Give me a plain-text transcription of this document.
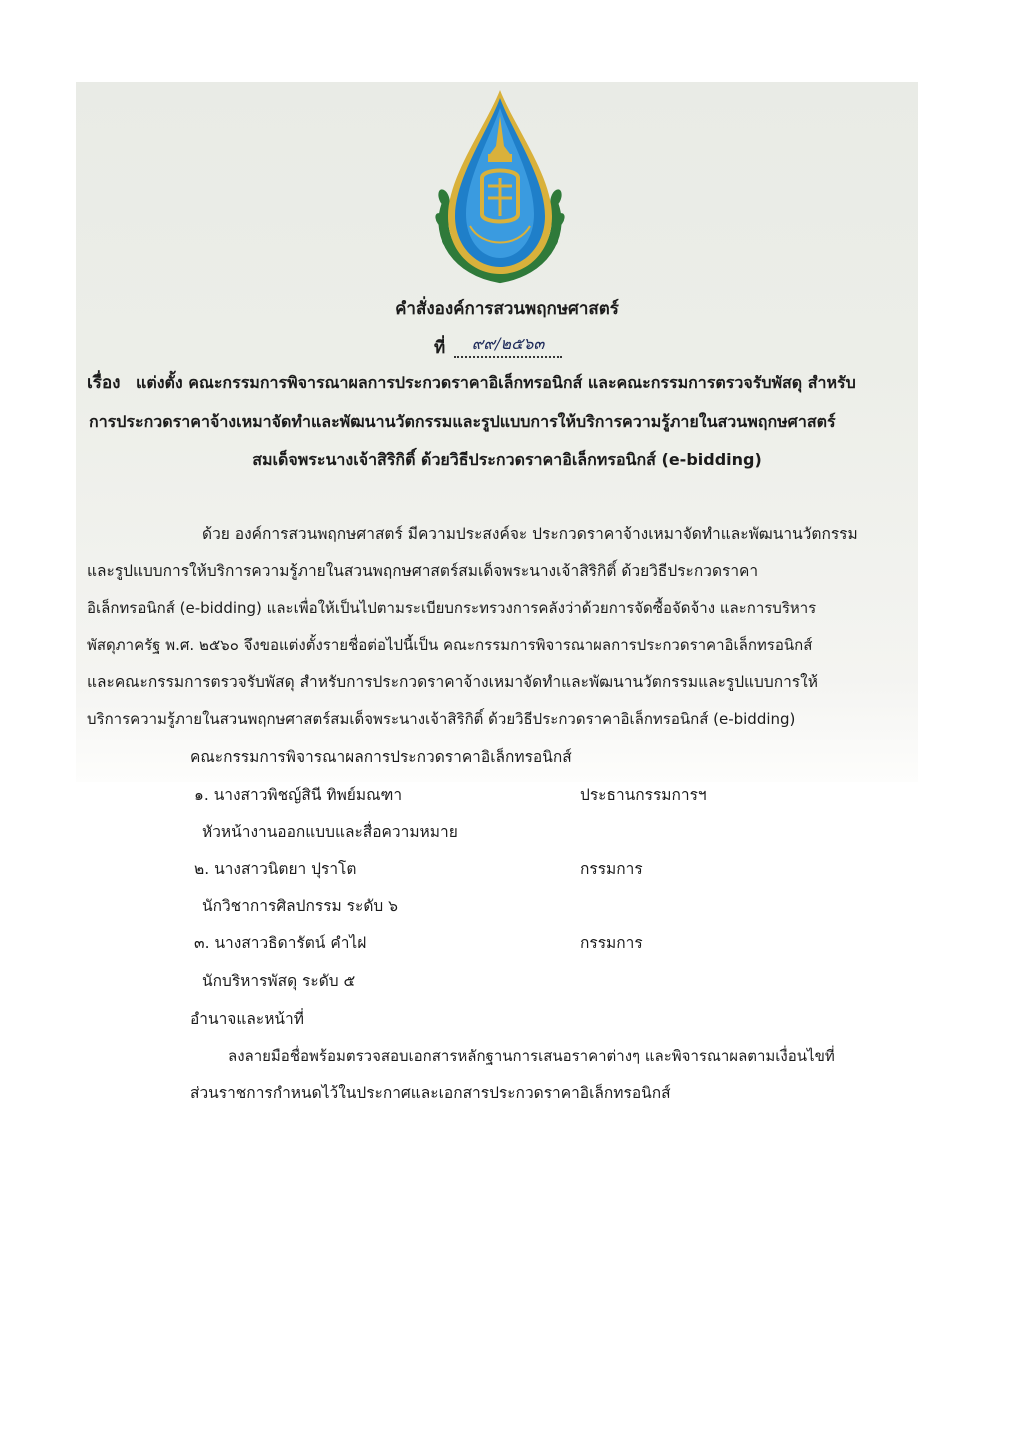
คำสั่งองค์การสวนพฤกษศาสตร์
ที่	๙๙/๒๕๖๓
เรื่อง แต่งตั้ง คณะกรรมการพิจารณาผลการประกวดราคาอิเล็กทรอนิกส์ และคณะกรรมการตรวจรับพัสดุ สำหรับ
การประกวดราคาจ้างเหมาจัดทำและพัฒนานวัตกรรมและรูปแบบการให้บริการความรู้ภายในสวนพฤกษศาสตร์
สมเด็จพระนางเจ้าสิริกิติ์ ด้วยวิธีประกวดราคาอิเล็กทรอนิกส์ (e-bidding)
ด้วย องค์การสวนพฤกษศาสตร์ มีความประสงค์จะ ประกวดราคาจ้างเหมาจัดทำและพัฒนานวัตกรรม
และรูปแบบการให้บริการความรู้ภายในสวนพฤกษศาสตร์สมเด็จพระนางเจ้าสิริกิติ์ ด้วยวิธีประกวดราคา
อิเล็กทรอนิกส์ (e-bidding) และเพื่อให้เป็นไปตามระเบียบกระทรวงการคลังว่าด้วยการจัดซื้อจัดจ้าง และการบริหาร
พัสดุภาครัฐ พ.ศ. ๒๕๖๐ จึงขอแต่งตั้งรายชื่อต่อไปนี้เป็น คณะกรรมการพิจารณาผลการประกวดราคาอิเล็กทรอนิกส์
และคณะกรรมการตรวจรับพัสดุ สำหรับการประกวดราคาจ้างเหมาจัดทำและพัฒนานวัตกรรมและรูปแบบการให้
บริการความรู้ภายในสวนพฤกษศาสตร์สมเด็จพระนางเจ้าสิริกิติ์ ด้วยวิธีประกวดราคาอิเล็กทรอนิกส์ (e-bidding)
คณะกรรมการพิจารณาผลการประกวดราคาอิเล็กทรอนิกส์
๑. นางสาวพิชญ์สินี ทิพย์มณฑา	ประธานกรรมการฯ
หัวหน้างานออกแบบและสื่อความหมาย
๒. นางสาวนิตยา ปุราโต	กรรมการ
นักวิชาการศิลปกรรม ระดับ ๖
๓. นางสาวธิดารัตน์ คำไฝ	กรรมการ
นักบริหารพัสดุ ระดับ ๕
อำนาจและหน้าที่
ลงลายมือชื่อพร้อมตรวจสอบเอกสารหลักฐานการเสนอราคาต่างๆ และพิจารณาผลตามเงื่อนไขที่
ส่วนราชการกำหนดไว้ในประกาศและเอกสารประกวดราคาอิเล็กทรอนิกส์
